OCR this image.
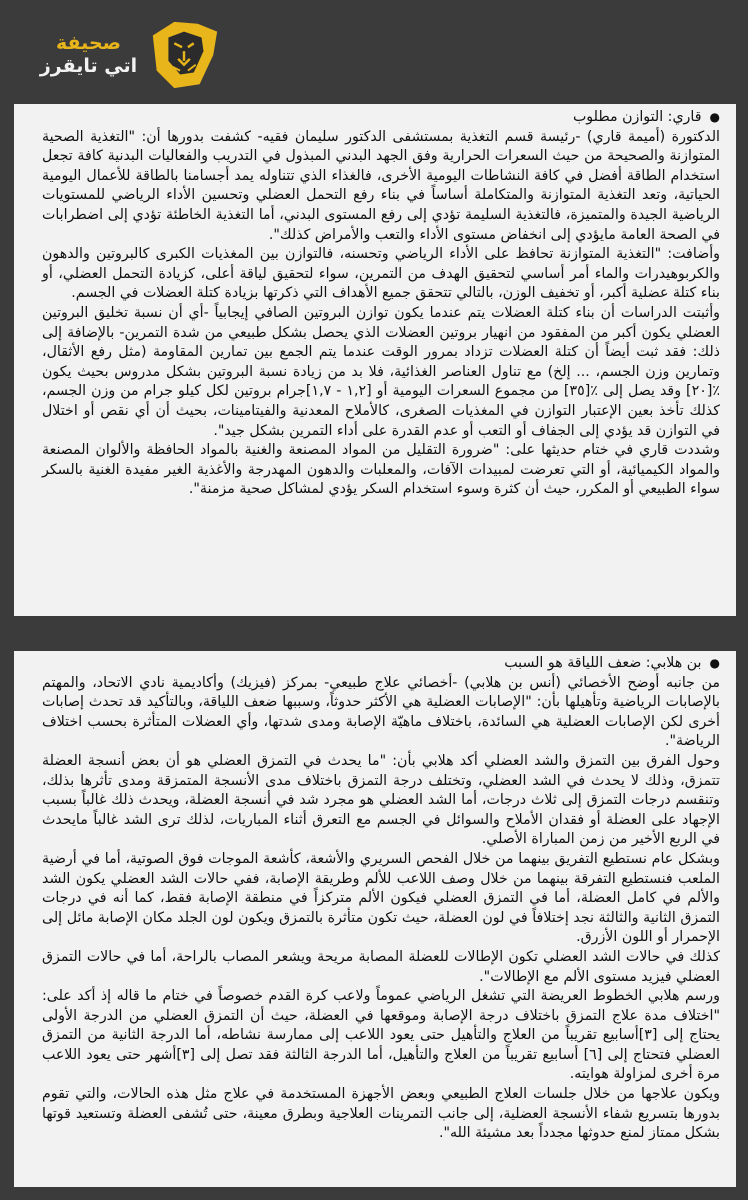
صحيفة
اتي تايقرز
●
قاري: التوازن مطلوب

الدكتورة (أميمة قاري) -رئيسة قسم التغذية بمستشفى الدكتور سليمان فقيه- كشفت بدورها أن: "التغذية الصحية المتوازنة والصحيحة من حيث السعرات الحرارية وفق الجهد البدني المبذول في التدريب والفعاليات البدنية كافة تجعل استخدام الطاقة أفضل في كافة النشاطات اليومية الأخرى، فالغذاء الذي تتناوله يمد أجسامنا بالطاقة للأعمال اليومية الحياتية، وتعد التغذية المتوازنة والمتكاملة أساساً في بناء رفع التحمل العضلي وتحسين الأداء الرياضي للمستويات الرياضية الجيدة والمتميزة، فالتغذية السليمة تؤدي إلى رفع المستوى البدني، أما التغذية الخاطئة تؤدي إلى اضطرابات في الصحة العامة مايؤدي إلى انخفاض مستوى الأداء والتعب والأمراض كذلك".

وأضافت: "التغذية المتوازنة تحافظ على الأداء الرياضي وتحسنه، فالتوازن بين المغذيات الكبرى كالبروتين والدهون والكربوهيدرات والماء أمر أساسي لتحقيق الهدف من التمرين، سواء لتحقيق لياقة أعلى، كزيادة التحمل العضلي، أو بناء كتلة عضلية أكبر، أو تخفيف الوزن، بالتالي تتحقق جميع الأهداف التي ذكرتها بزيادة كتلة العضلات في الجسم.

وأثبتت الدراسات أن بناء كتلة العضلات يتم عندما يكون توازن البروتين الصافي إيجابياً -أي أن نسبة تخليق البروتين العضلي يكون أكبر من المفقود من انهيار بروتين العضلات الذي يحصل بشكل طبيعي من شدة التمرين- بالإضافة إلى ذلك: فقد ثبت أيضاً أن كتلة العضلات تزداد بمرور الوقت عندما يتم الجمع بين تمارين المقاومة (مثل رفع الأثقال، وتمارين وزن الجسم، ... إلخ) مع تناول العناصر الغذائية، فلا بد من زيادة نسبة البروتين بشكل مدروس بحيث يكون ٪[٢٠] وقد يصل إلى ٪[٣٥] من مجموع السعرات اليومية أو [١,٢ - ١,٧]جرام بروتين لكل كيلو جرام من وزن الجسم، كذلك تأخذ بعين الإعتبار التوازن في المغذيات الصغرى، كالأملاح المعدنية والفيتامينات، بحيث أن أي نقص أو اختلال في التوازن قد يؤدي إلى الجفاف أو التعب أو عدم القدرة على أداء التمرين بشكل جيد".

وشددت قاري في ختام حديثها على: "ضرورة التقليل من المواد المصنعة والغنية بالمواد الحافظة والألوان المصنعة والمواد الكيميائية، أو التي تعرضت لمبيدات الآفات، والمعلبات والدهون المهدرجة والأغذية الغير مفيدة الغنية بالسكر سواء الطبيعي أو المكرر، حيث أن كثرة وسوء استخدام السكر يؤدي لمشاكل صحية مزمنة".

●
بن هلابي: ضعف اللياقة هو السبب

من جانبه أوضح الأخصائي (أنس بن هلابي) -أخصائي علاج طبيعي- بمركز (فيزيك) وأكاديمية نادي الاتحاد، والمهتم بالإصابات الرياضية وتأهيلها بأن: "الإصابات العضلية هي الأكثر حدوثاً، وسببها ضعف اللياقة، وبالتأكيد قد تحدث إصابات أخرى لكن الإصابات العضلية هي السائدة، باختلاف ماهيّة الإصابة ومدى شدتها، وأي العضلات المتأثرة بحسب اختلاف الرياضة".

وحول الفرق بين التمزق والشد العضلي أكد هلابي بأن: "ما يحدث في التمزق العضلي هو أن بعض أنسجة العضلة تتمزق، وذلك لا يحدث في الشد العضلي، وتختلف درجة التمزق باختلاف مدى الأنسجة المتمزقة ومدى تأثرها بذلك، وتنقسم درجات التمزق إلى ثلاث درجات، أما الشد العضلي هو مجرد شد في أنسجة العضلة، ويحدث ذلك غالباً بسبب الإجهاد على العضلة أو فقدان الأملاح والسوائل في الجسم مع التعرق أثناء المباريات، لذلك ترى الشد غالباً مايحدث في الربع الأخير من زمن المباراة الأصلي.

وبشكل عام نستطيع التفريق بينهما من خلال الفحص السريري والأشعة، كأشعة الموجات فوق الصوتية، أما في أرضية الملعب فنستطيع التفرقة بينهما من خلال وصف اللاعب للألم وطريقة الإصابة، ففي حالات الشد العضلي يكون الشد والألم في كامل العضلة، أما في التمزق العضلي فيكون الألم متركزاً في منطقة الإصابة فقط، كما أنه في درجات التمزق الثانية والثالثة نجد إختلافاً في لون العضلة، حيث تكون متأثرة بالتمزق ويكون لون الجلد مكان الإصابة مائل إلى الإحمرار أو اللون الأزرق.

كذلك في حالات الشد العضلي تكون الإطالات للعضلة المصابة مريحة ويشعر المصاب بالراحة، أما في حالات التمزق العضلي فيزيد مستوى الألم مع الإطالات".

ورسم هلابي الخطوط العريضة التي تشغل الرياضي عموماً ولاعب كرة القدم خصوصاً في ختام ما قاله إذ أكد على: "اختلاف مدة علاج التمزق باختلاف درجة الإصابة وموقعها في العضلة، حيث أن التمزق العضلي من الدرجة الأولى يحتاج إلى [٣]أسابيع تقريباً من العلاج والتأهيل حتى يعود اللاعب إلى ممارسة نشاطه، أما الدرجة الثانية من التمزق العضلي فتحتاج إلى [٦] أسابيع تقريباً من العلاج والتأهيل، أما الدرجة الثالثة فقد تصل إلى [٣]أشهر حتى يعود اللاعب مرة أخرى لمزاولة هوايته.

ويكون علاجها من خلال جلسات العلاج الطبيعي وبعض الأجهزة المستخدمة في علاج مثل هذه الحالات، والتي تقوم بدورها بتسريع شفاء الأنسجة العضلية، إلى جانب التمرينات العلاجية وبطرق معينة، حتى تُشفى العضلة وتستعيد قوتها بشكل ممتاز لمنع حدوثها مجدداً بعد مشيئة الله".
